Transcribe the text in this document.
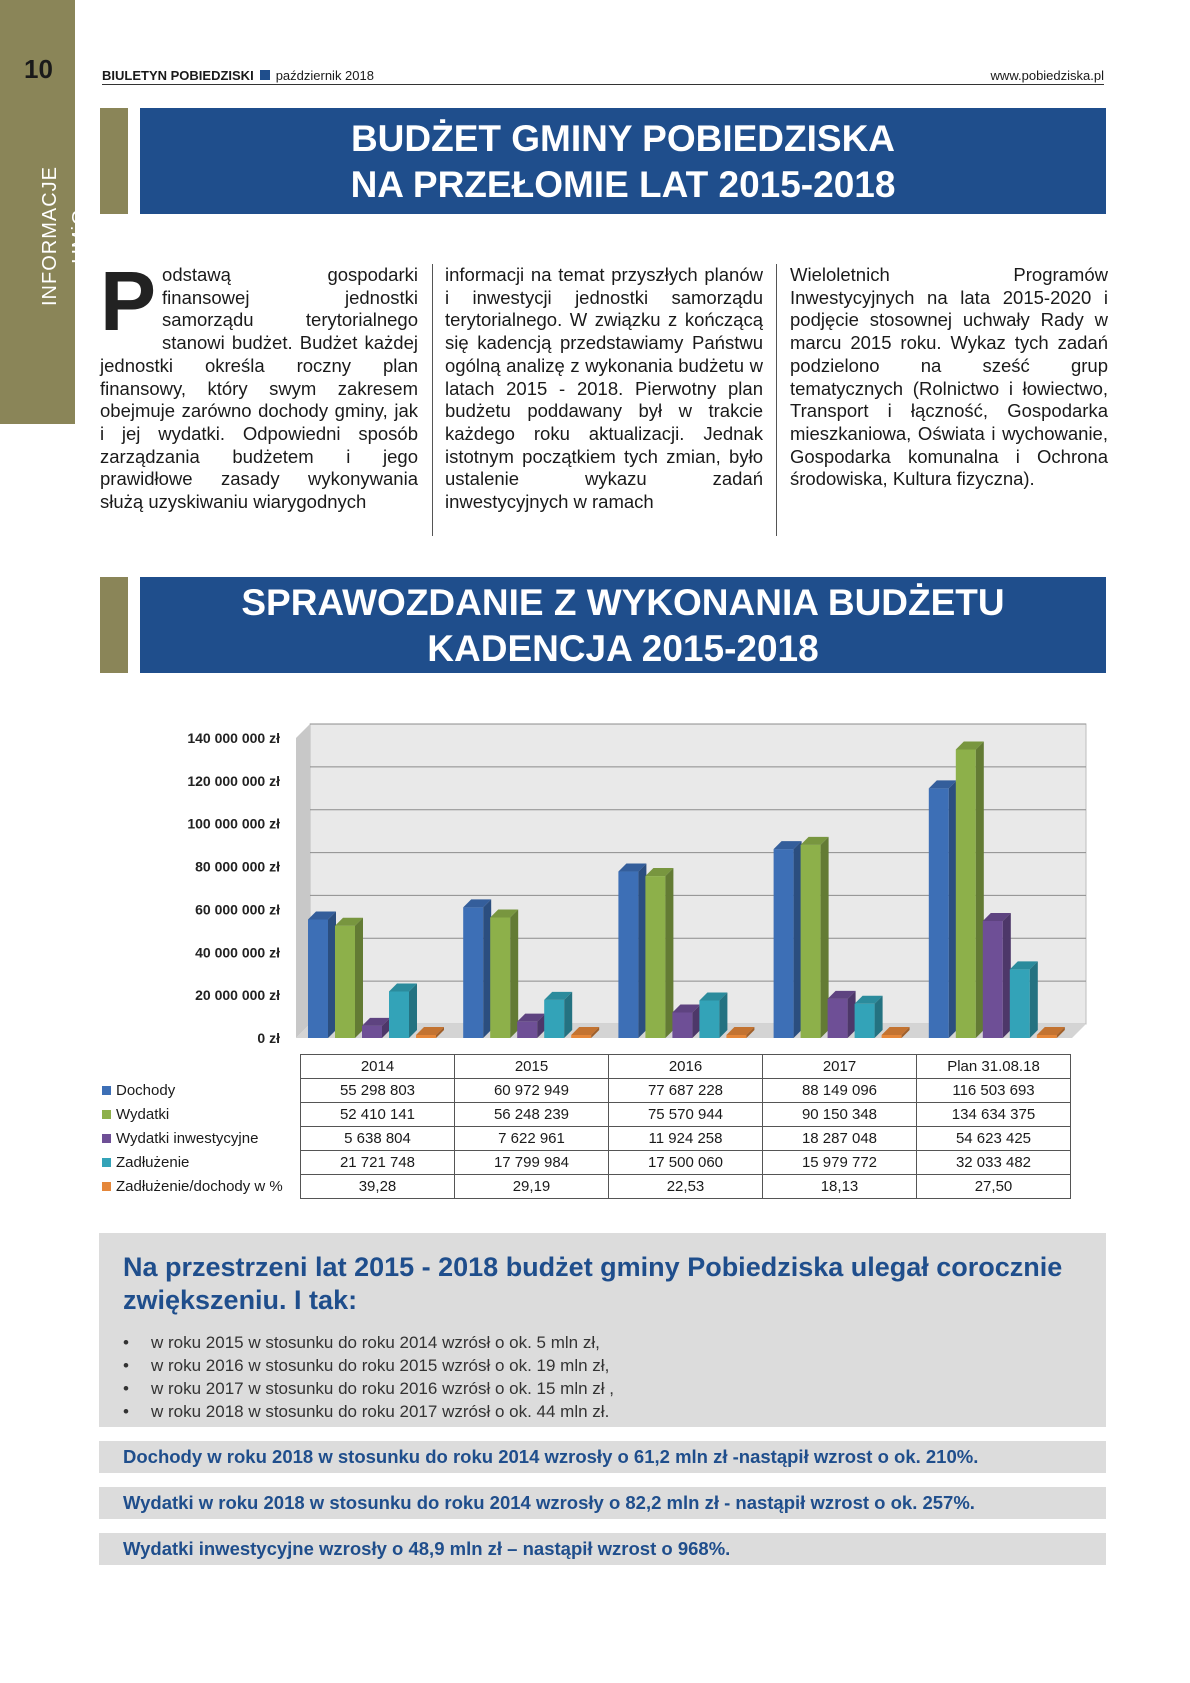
INFORMACJE UMiG
10	BIULETYN POBIEDZISKI październik 2018	www.pobiedziska.pl
BUDŻET GMINY POBIEDZISKA
NA PRZEŁOMIE LAT 2015-2018
Podstawą gospodarki finansowej jednostki samorządu terytorialnego stanowi budżet. Budżet każdej jednostki określa roczny plan finansowy, który swym zakresem obejmuje zarówno dochody gminy, jak i jej wydatki. Odpowiedni sposób zarządzania budżetem i jego prawidłowe zasady wykonywania służą uzyskiwaniu wiarygodnych
informacji na temat przyszłych planów i inwestycji jednostki samorządu terytorialnego. W związku z kończącą się kadencją przedstawiamy Państwu ogólną analizę z wykonania budżetu w latach 2015 - 2018. Pierwotny plan budżetu poddawany był w trakcie każdego roku aktualizacji. Jednak istotnym początkiem tych zmian, było ustalenie wykazu zadań inwestycyjnych w ramach
Wieloletnich Programów Inwestycyjnych na lata 2015-2020 i podjęcie stosownej uchwały Rady w marcu 2015 roku. Wykaz tych zadań podzielono na sześć grup tematycznych (Rolnictwo i łowiectwo, Transport i łączność, Gospodarka mieszkaniowa, Oświata i wychowanie, Gospodarka komunalna i Ochrona środowiska, Kultura fizyczna).
SPRAWOZDANIE Z WYKONANIA BUDŻETU
KADENCJA 2015-2018
0 zł
20 000 000 zł
40 000 000 zł
60 000 000 zł
80 000 000 zł
100 000 000 zł
120 000 000 zł
140 000 000 zł
	2014	2015	2016	2017	Plan 31.08.18
Dochody	55 298 803	60 972 949	77 687 228	88 149 096	116 503 693
Wydatki	52 410 141	56 248 239	75 570 944	90 150 348	134 634 375
Wydatki inwestycyjne	5 638 804	7 622 961	11 924 258	18 287 048	54 623 425
Zadłużenie	21 721 748	17 799 984	17 500 060	15 979 772	32 033 482
Zadłużenie/dochody w %	39,28	29,19	22,53	18,13	27,50
Na przestrzeni lat 2015 - 2018 budżet gminy Pobiedziska ulegał corocznie zwiększeniu. I tak:
• w roku 2015 w stosunku do roku 2014 wzrósł o ok. 5 mln zł,
• w roku 2016 w stosunku do roku 2015 wzrósł o ok. 19 mln zł,
• w roku 2017 w stosunku do roku 2016 wzrósł o ok. 15 mln zł ,
• w roku 2018 w stosunku do roku 2017 wzrósł o ok. 44 mln zł.
Dochody w roku 2018 w stosunku do roku 2014 wzrosły o 61,2 mln zł -nastąpił wzrost o ok. 210%.
Wydatki w roku 2018 w stosunku do roku 2014 wzrosły o 82,2 mln zł - nastąpił wzrost o ok. 257%.
Wydatki inwestycyjne wzrosły o 48,9 mln zł – nastąpił wzrost o 968%.
